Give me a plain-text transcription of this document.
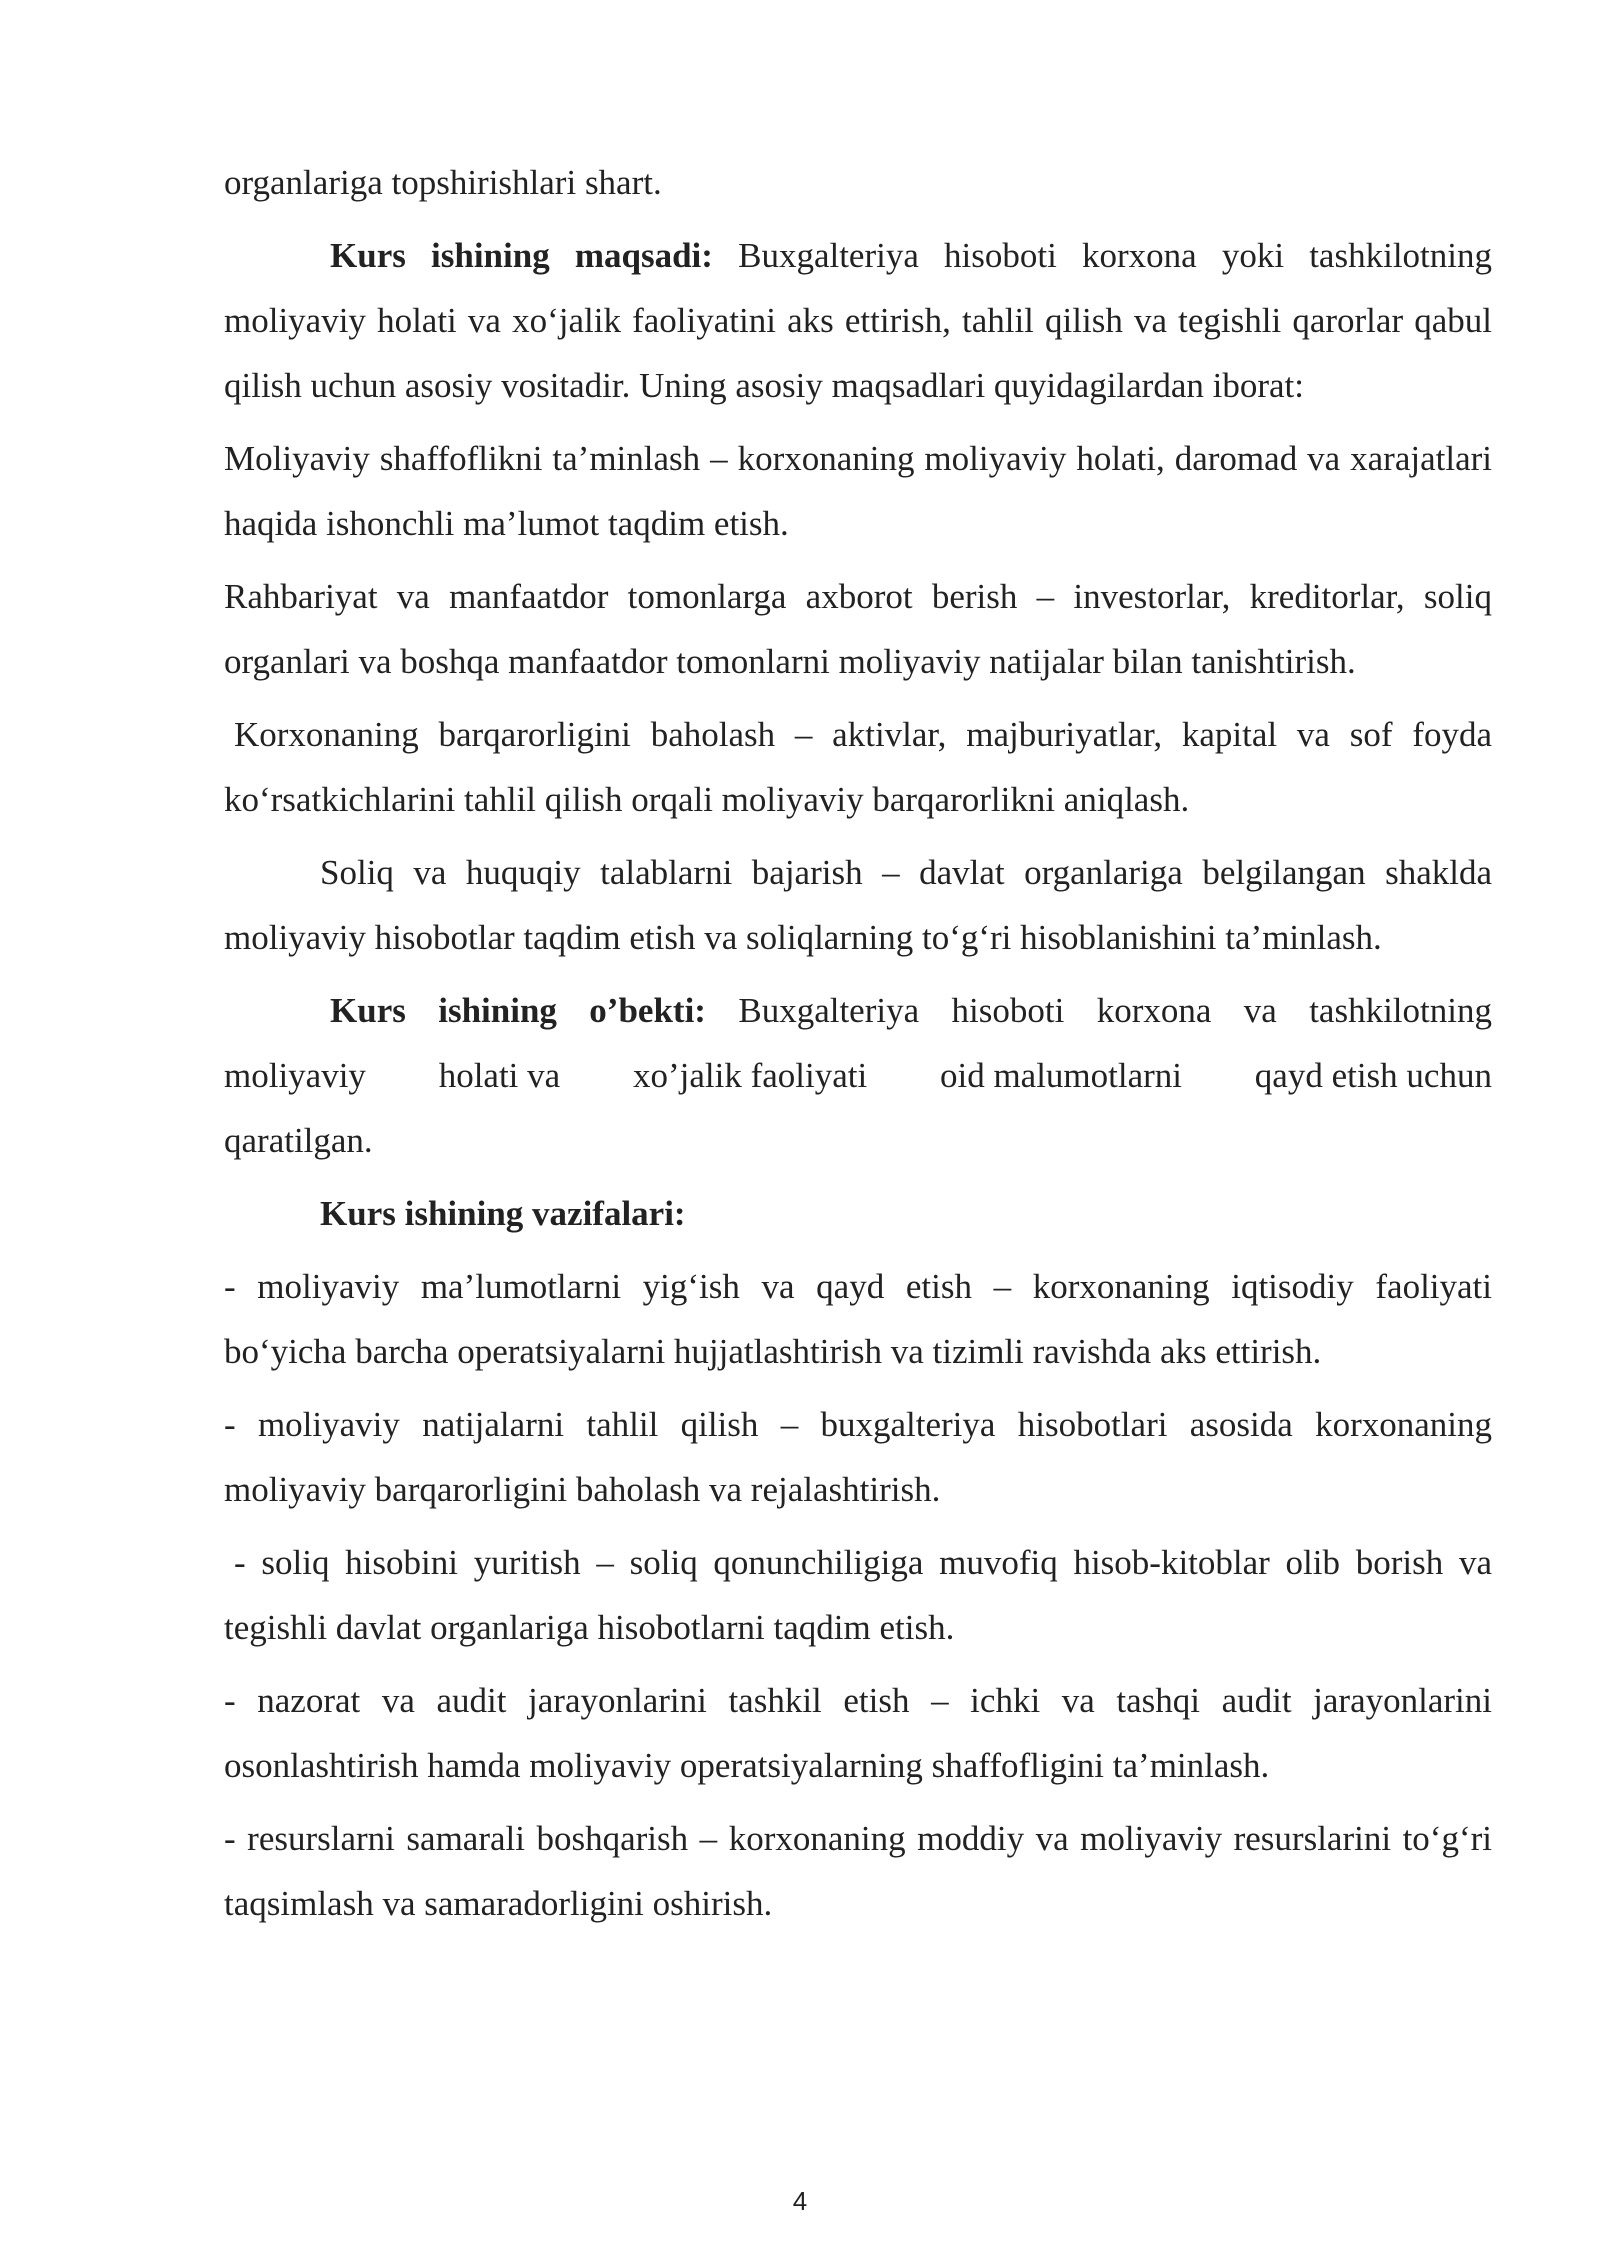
organlariga topshirishlari shart.

Kurs ishining maqsadi: Buxgalteriya hisoboti korxona yoki tashkilotning moliyaviy holati va xo‘jalik faoliyatini aks ettirish, tahlil qilish va tegishli qarorlar qabul qilish uchun asosiy vositadir. Uning asosiy maqsadlari quyidagilardan iborat:

Moliyaviy shaffoflikni ta’minlash – korxonaning moliyaviy holati, daromad va xarajatlari haqida ishonchli ma’lumot taqdim etish.

Rahbariyat va manfaatdor tomonlarga axborot berish – investorlar, kreditorlar, soliq organlari va boshqa manfaatdor tomonlarni moliyaviy natijalar bilan tanishtirish.

Korxonaning barqarorligini baholash – aktivlar, majburiyatlar, kapital va sof foyda ko‘rsatkichlarini tahlil qilish orqali moliyaviy barqarorlikni aniqlash.

Soliq va huquqiy talablarni bajarish – davlat organlariga belgilangan shaklda moliyaviy hisobotlar taqdim etish va soliqlarning to‘g‘ri hisoblanishini ta’minlash.

Kurs ishining o’bekti: Buxgalteriya hisoboti korxona va tashkilotning
moliyaviy holati va xo’jalik faoliyati oid malumotlarni qayd etish uchun
qaratilgan.

Kurs ishining vazifalari:

- moliyaviy ma’lumotlarni yig‘ish va qayd etish – korxonaning iqtisodiy faoliyati bo‘yicha barcha operatsiyalarni hujjatlashtirish va tizimli ravishda aks ettirish.

- moliyaviy natijalarni tahlil qilish – buxgalteriya hisobotlari asosida korxonaning moliyaviy barqarorligini baholash va rejalashtirish.

- soliq hisobini yuritish – soliq qonunchiligiga muvofiq hisob-kitoblar olib borish va tegishli davlat organlariga hisobotlarni taqdim etish.

- nazorat va audit jarayonlarini tashkil etish – ichki va tashqi audit jarayonlarini osonlashtirish hamda moliyaviy operatsiyalarning shaffofligini ta’minlash.

- resurslarni samarali boshqarish – korxonaning moddiy va moliyaviy resurslarini to‘g‘ri taqsimlash va samaradorligini oshirish.

4
